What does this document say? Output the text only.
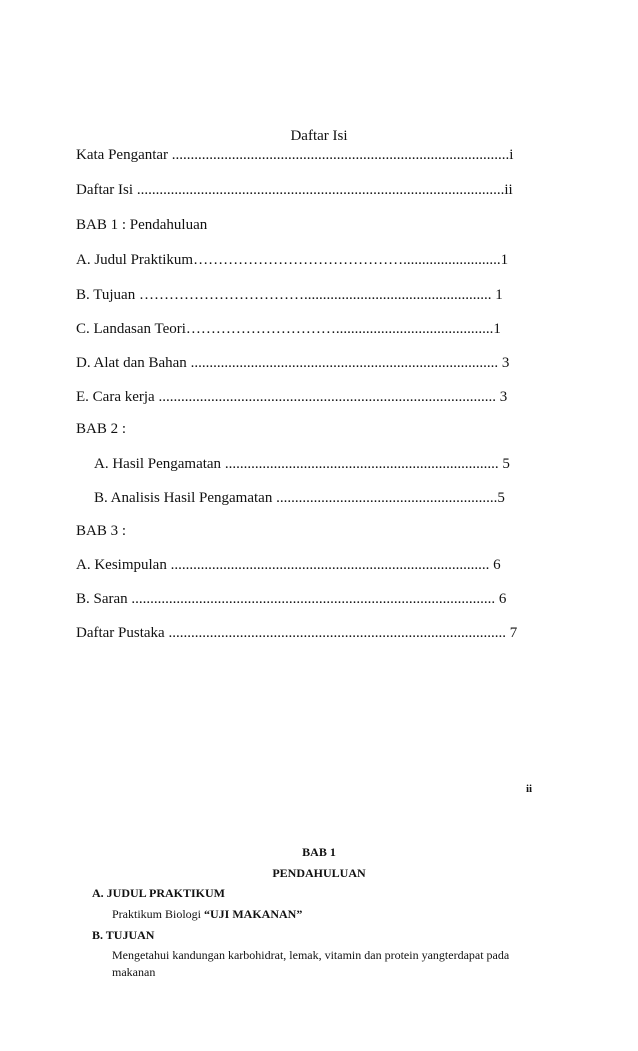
Daftar Isi
Kata Pengantar ..........................................................................................i
Daftar Isi ..................................................................................................ii
BAB 1 : Pendahuluan
A. Judul Praktikum……………………………………..........................1
B. Tujuan …………………………….................................................. 1
C. Landasan Teori…………………………..........................................1
D. Alat dan Bahan .................................................................................. 3
E. Cara kerja .......................................................................................... 3
BAB 2 :
A. Hasil Pengamatan ......................................................................... 5
B. Analisis Hasil Pengamatan ...........................................................5
BAB 3 :
A. Kesimpulan ..................................................................................... 6
B. Saran ................................................................................................. 6
Daftar Pustaka .......................................................................................... 7
ii
BAB 1
PENDAHULUAN
A. JUDUL PRAKTIKUM
Praktikum Biologi “UJI MAKANAN”
B. TUJUAN
Mengetahui kandungan karbohidrat, lemak, vitamin dan protein yangterdapat pada
makanan
